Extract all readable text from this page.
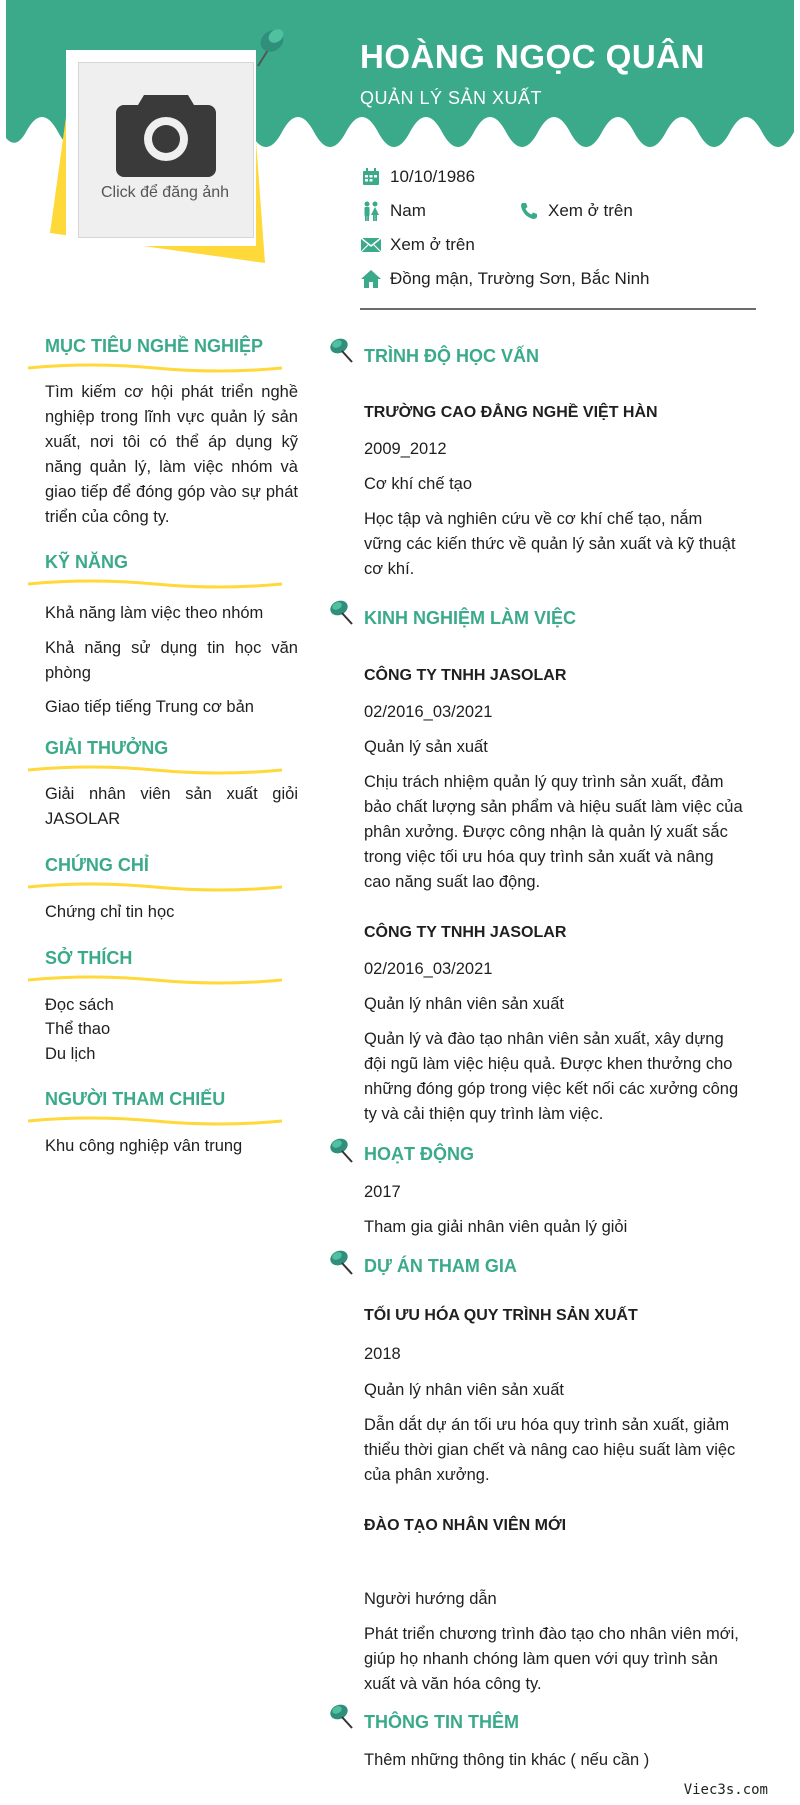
Click để đăng ảnh
HOÀNG NGỌC QUÂN
QUẢN LÝ SẢN XUẤT
10/10/1986
Nam	Xem ở trên
Xem ở trên
Đồng mận, Trường Sơn, Bắc Ninh
MỤC TIÊU NGHỀ NGHIỆP
Tìm kiếm cơ hội phát triển nghề nghiệp trong lĩnh vực quản lý sản xuất, nơi tôi có thể áp dụng kỹ năng quản lý, làm việc nhóm và giao tiếp để đóng góp vào sự phát triển của công ty.
KỸ NĂNG
Khả năng làm việc theo nhóm
Khả năng sử dụng tin học văn phòng
Giao tiếp tiếng Trung cơ bản
GIẢI THƯỞNG
Giải nhân viên sản xuất giỏi JASOLAR
CHỨNG CHỈ
Chứng chỉ tin học
SỞ THÍCH
Đọc sách
Thể thao
Du lịch
NGƯỜI THAM CHIẾU
Khu công nghiệp vân trung
TRÌNH ĐỘ HỌC VẤN
TRƯỜNG CAO ĐẲNG NGHỀ VIỆT HÀN
2009_2012
Cơ khí chế tạo
Học tập và nghiên cứu về cơ khí chế tạo, nắm vững các kiến thức về quản lý sản xuất và kỹ thuật cơ khí.
KINH NGHIỆM LÀM VIỆC
CÔNG TY TNHH JASOLAR
02/2016_03/2021
Quản lý sản xuất
Chịu trách nhiệm quản lý quy trình sản xuất, đảm bảo chất lượng sản phẩm và hiệu suất làm việc của phân xưởng. Được công nhận là quản lý xuất sắc trong việc tối ưu hóa quy trình sản xuất và nâng cao năng suất lao động.
CÔNG TY TNHH JASOLAR
02/2016_03/2021
Quản lý nhân viên sản xuất
Quản lý và đào tạo nhân viên sản xuất, xây dựng đội ngũ làm việc hiệu quả. Được khen thưởng cho những đóng góp trong việc kết nối các xưởng công ty và cải thiện quy trình làm việc.
HOẠT ĐỘNG
2017
Tham gia giải nhân viên quản lý giỏi
DỰ ÁN THAM GIA
TỐI ƯU HÓA QUY TRÌNH SẢN XUẤT
2018
Quản lý nhân viên sản xuất
Dẫn dắt dự án tối ưu hóa quy trình sản xuất, giảm thiểu thời gian chết và nâng cao hiệu suất làm việc của phân xưởng.
ĐÀO TẠO NHÂN VIÊN MỚI
Người hướng dẫn
Phát triển chương trình đào tạo cho nhân viên mới, giúp họ nhanh chóng làm quen với quy trình sản xuất và văn hóa công ty.
THÔNG TIN THÊM
Thêm những thông tin khác ( nếu cần )
Viec3s.com
